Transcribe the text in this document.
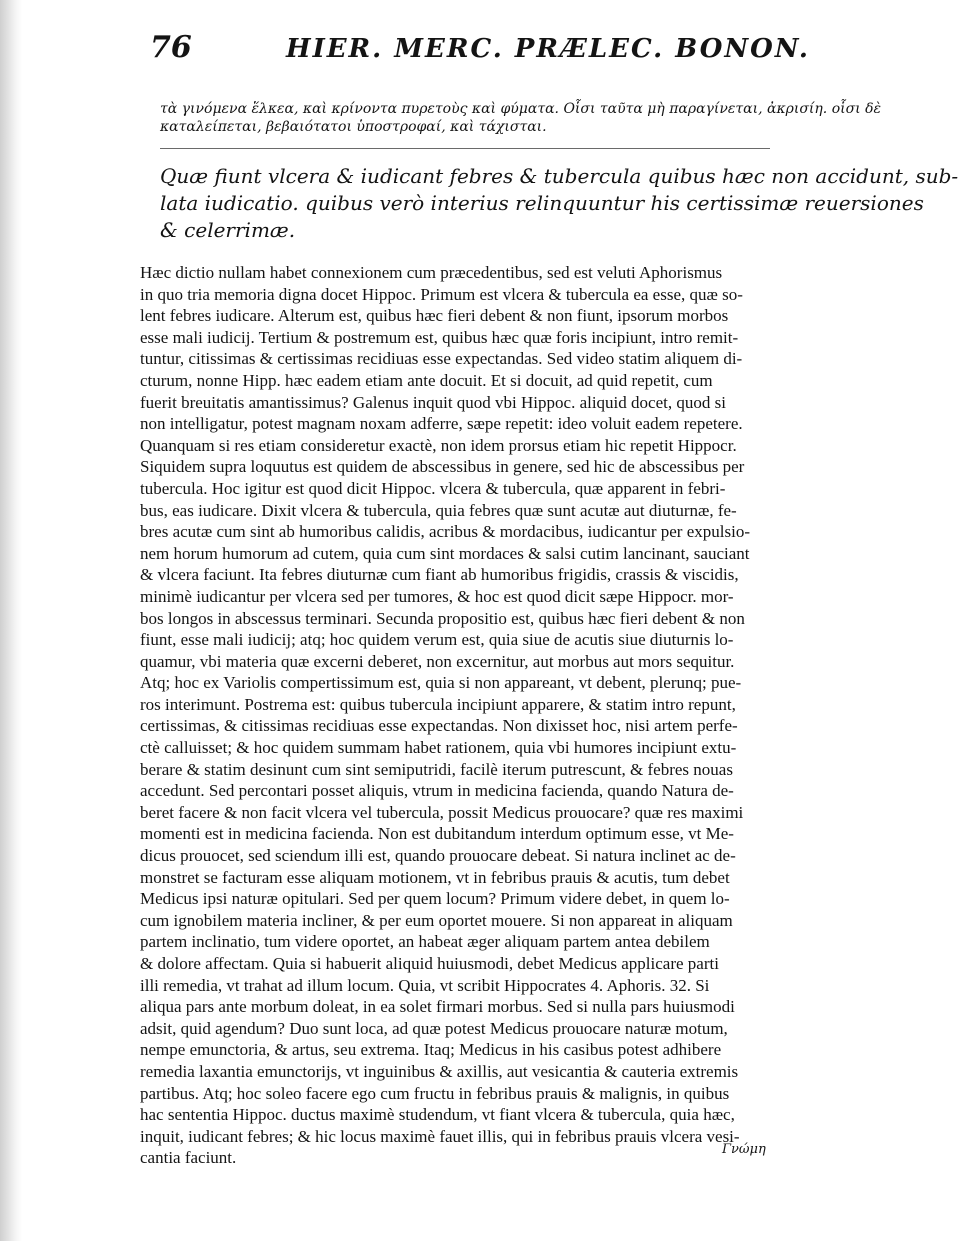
76	HIER. MERC. PRÆLEC. BONON.
τὰ γινόμενα ἕλκεα, καὶ κρίνοντα πυρετοὺς καὶ φύματα. Οἷσι ταῦτα μὴ παραγίνεται, ἀκρισίη. οἷσι δὲ
καταλείπεται, βεβαιότατοι ὑποστροφαί, καὶ τάχισται.
Quæ fiunt vlcera & iudicant febres & tubercula quibus hæc non accidunt, sub-
lata iudicatio. quibus verò interius relinquuntur his certissimæ reuersiones
& celerrimæ.
Hæc dictio nullam habet connexionem cum præcedentibus, sed est veluti Aphorismus
in quo tria memoria digna docet Hippoc. Primum est vlcera & tubercula ea esse, quæ so-
lent febres iudicare. Alterum est, quibus hæc fieri debent & non fiunt, ipsorum morbos
esse mali iudicij. Tertium & postremum est, quibus hæc quæ foris incipiunt, intro remit-
tuntur, citissimas & certissimas recidiuas esse expectandas. Sed video statim aliquem di-
cturum, nonne Hipp. hæc eadem etiam ante docuit. Et si docuit, ad quid repetit, cum
fuerit breuitatis amantissimus? Galenus inquit quod vbi Hippoc. aliquid docet, quod si
non intelligatur, potest magnam noxam adferre, sæpe repetit: ideo voluit eadem repetere.
Quanquam si res etiam consideretur exactè, non idem prorsus etiam hic repetit Hippocr.
Siquidem supra loquutus est quidem de abscessibus in genere, sed hic de abscessibus per
tubercula. Hoc igitur est quod dicit Hippoc. vlcera & tubercula, quæ apparent in febri-
bus, eas iudicare. Dixit vlcera & tubercula, quia febres quæ sunt acutæ aut diuturnæ, fe-
bres acutæ cum sint ab humoribus calidis, acribus & mordacibus, iudicantur per expulsio-
nem horum humorum ad cutem, quia cum sint mordaces & salsi cutim lancinant, sauciant
& vlcera faciunt. Ita febres diuturnæ cum fiant ab humoribus frigidis, crassis & viscidis,
minimè iudicantur per vlcera sed per tumores, & hoc est quod dicit sæpe Hippocr. mor-
bos longos in abscessus terminari. Secunda propositio est, quibus hæc fieri debent & non
fiunt, esse mali iudicij; atq; hoc quidem verum est, quia siue de acutis siue diuturnis lo-
quamur, vbi materia quæ excerni deberet, non excernitur, aut morbus aut mors sequitur.
Atq; hoc ex Variolis compertissimum est, quia si non appareant, vt debent, plerunq; pue-
ros interimunt. Postrema est: quibus tubercula incipiunt apparere, & statim intro repunt,
certissimas, & citissimas recidiuas esse expectandas. Non dixisset hoc, nisi artem perfe-
ctè calluisset; & hoc quidem summam habet rationem, quia vbi humores incipiunt extu-
berare & statim desinunt cum sint semiputridi, facilè iterum putrescunt, & febres nouas
accedunt. Sed percontari posset aliquis, vtrum in medicina facienda, quando Natura de-
beret facere & non facit vlcera vel tubercula, possit Medicus prouocare? quæ res maximi
momenti est in medicina facienda. Non est dubitandum interdum optimum esse, vt Me-
dicus prouocet, sed sciendum illi est, quando prouocare debeat. Si natura inclinet ac de-
monstret se facturam esse aliquam motionem, vt in febribus prauis & acutis, tum debet
Medicus ipsi naturæ opitulari. Sed per quem locum? Primum videre debet, in quem lo-
cum ignobilem materia incliner, & per eum oportet mouere. Si non appareat in aliquam
partem inclinatio, tum videre oportet, an habeat æger aliquam partem antea debilem
& dolore affectam. Quia si habuerit aliquid huiusmodi, debet Medicus applicare parti
illi remedia, vt trahat ad illum locum. Quia, vt scribit Hippocrates 4. Aphoris. 32. Si
aliqua pars ante morbum doleat, in ea solet firmari morbus. Sed si nulla pars huiusmodi
adsit, quid agendum? Duo sunt loca, ad quæ potest Medicus prouocare naturæ motum,
nempe emunctoria, & artus, seu extrema. Itaq; Medicus in his casibus potest adhibere
remedia laxantia emunctorijs, vt inguinibus & axillis, aut vesicantia & cauteria extremis
partibus. Atq; hoc soleo facere ego cum fructu in febribus prauis & malignis, in quibus
hac sententia Hippoc. ductus maximè studendum, vt fiant vlcera & tubercula, quia hæc,
inquit, iudicant febres; & hic locus maximè fauet illis, qui in febribus prauis vlcera vesi-
cantia faciunt.	Γνώμη
